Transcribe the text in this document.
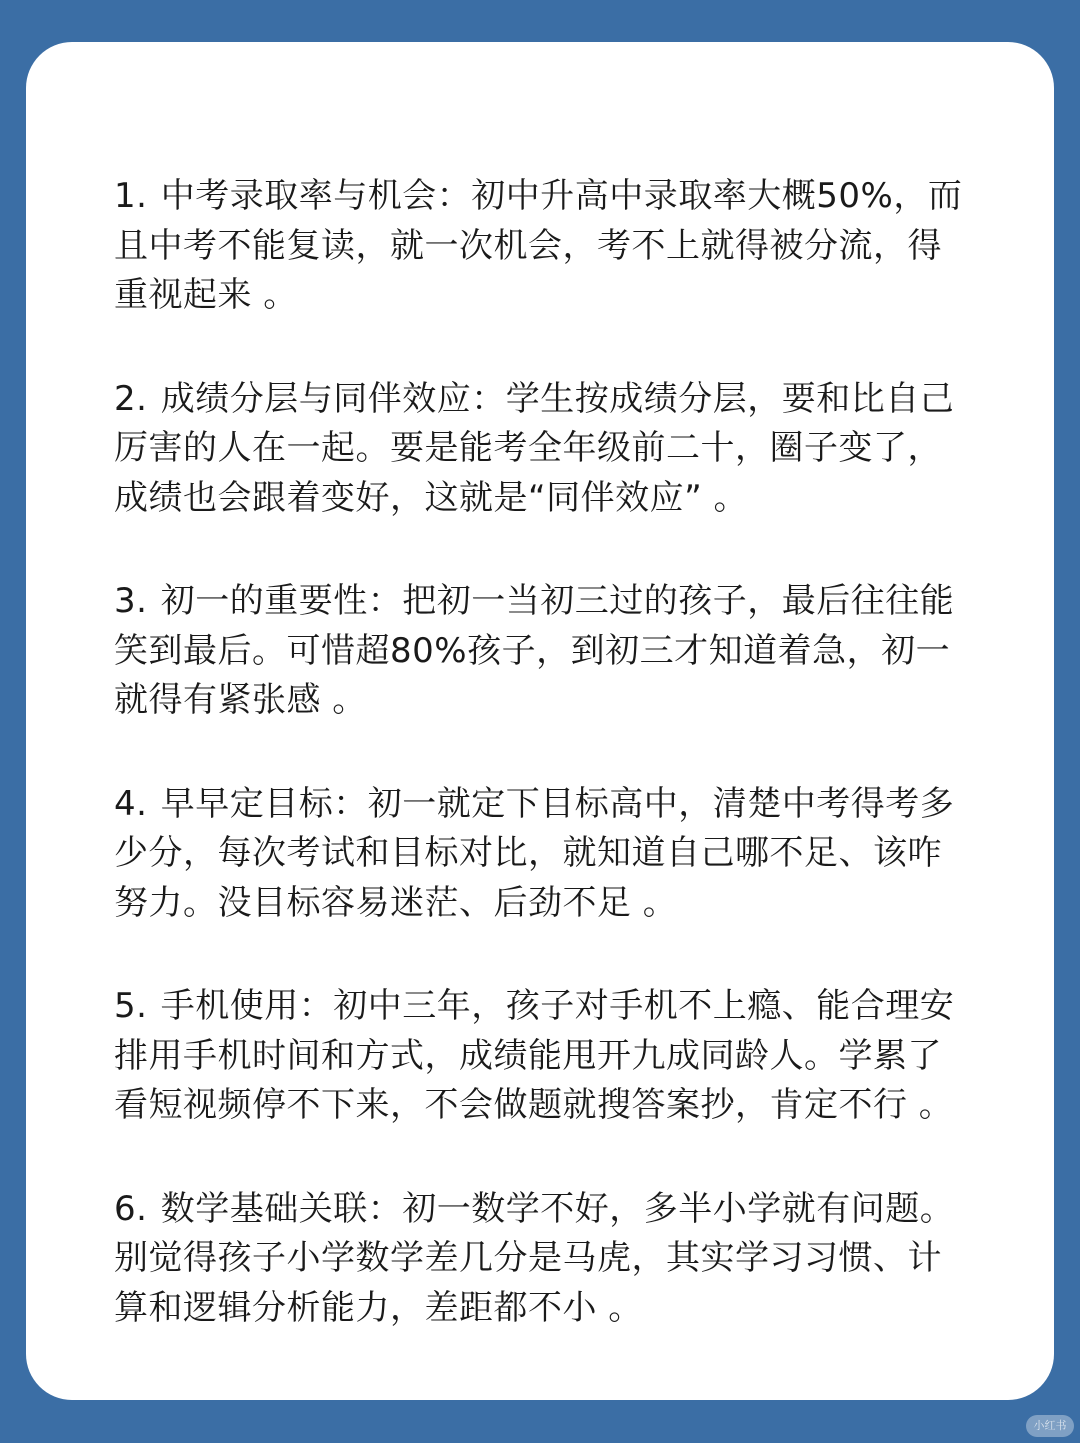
1. 中考录取率与机会：初中升高中录取率大概50%，而且中考不能复读，就一次机会，考不上就得被分流，得重视起来 。
2. 成绩分层与同伴效应：学生按成绩分层，要和比自己厉害的人在一起。要是能考全年级前二十，圈子变了，成绩也会跟着变好，这就是“同伴效应” 。
3. 初一的重要性：把初一当初三过的孩子，最后往往能笑到最后。可惜超80%孩子，到初三才知道着急，初一就得有紧张感 。
4. 早早定目标：初一就定下目标高中，清楚中考得考多少分，每次考试和目标对比，就知道自己哪不足、该咋努力。没目标容易迷茫、后劲不足 。
5. 手机使用：初中三年，孩子对手机不上瘾、能合理安排用手机时间和方式，成绩能甩开九成同龄人。学累了看短视频停不下来，不会做题就搜答案抄，肯定不行 。
6. 数学基础关联：初一数学不好，多半小学就有问题。别觉得孩子小学数学差几分是马虎，其实学习习惯、计算和逻辑分析能力，差距都不小 。
小红书
